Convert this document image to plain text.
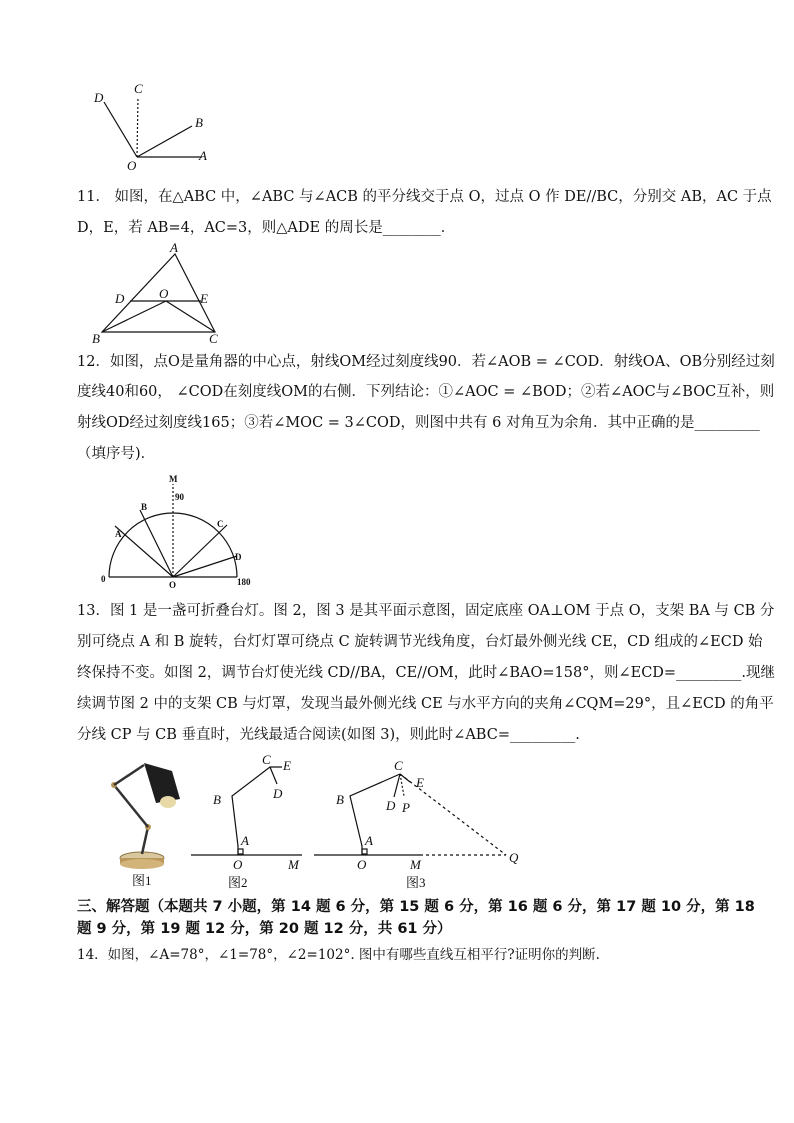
D
C
B
O
A
11． 如图，在△ABC 中，∠ABC 与∠ACB 的平分线交于点 O，过点 O 作 DE//BC，分别交 AB，AC 于点
D，E，若 AB=4，AC=3，则△ADE 的周长是________．
A
D	O E
B	C
12．如图，点O是量角器的中心点，射线OM经过刻度线90．若∠AOB = ∠COD．射线OA、OB分别经过刻
度线40和60， ∠COD在刻度线OM的右侧．下列结论：①∠AOC = ∠BOD；②若∠AOC与∠BOC互补，则
射线OD经过刻度线165；③若∠MOC = 3∠COD，则图中共有 6 对角互为余角．其中正确的是_________
（填序号)．
M
90
B
A
C
D
O
0	180
13．图 1 是一盏可折叠台灯。图 2，图 3 是其平面示意图，固定底座 OA⊥OM 于点 O，支架 BA 与 CB 分
别可绕点 A 和 B 旋转，台灯灯罩可绕点 C 旋转调节光线角度，台灯最外侧光线 CE，CD 组成的∠ECD 始
终保持不变。如图 2，调节台灯使光线 CD//BA，CE//OM，此时∠BAO=158°，则∠ECD=_________.现继
续调节图 2 中的支架 CB 与灯罩，发现当最外侧光线 CE 与水平方向的夹角∠CQM=29°，且∠ECD 的角平
分线 CP 与 CB 垂直时，光线最适合阅读(如图 3)，则此时∠ABC=_________.
图1
C E
D
B
A
O	M
图2
C
E
D P
B
A
O	M	Q
图3
三、解答题（本题共 7 小题，第 14 题 6 分，第 15 题 6 分，第 16 题 6 分，第 17 题 10 分，第 18
题 9 分，第 19 题 12 分，第 20 题 12 分，共 61 分）
14．如图，∠A=78°，∠1=78°，∠2=102°. 图中有哪些直线互相平行?证明你的判断.
